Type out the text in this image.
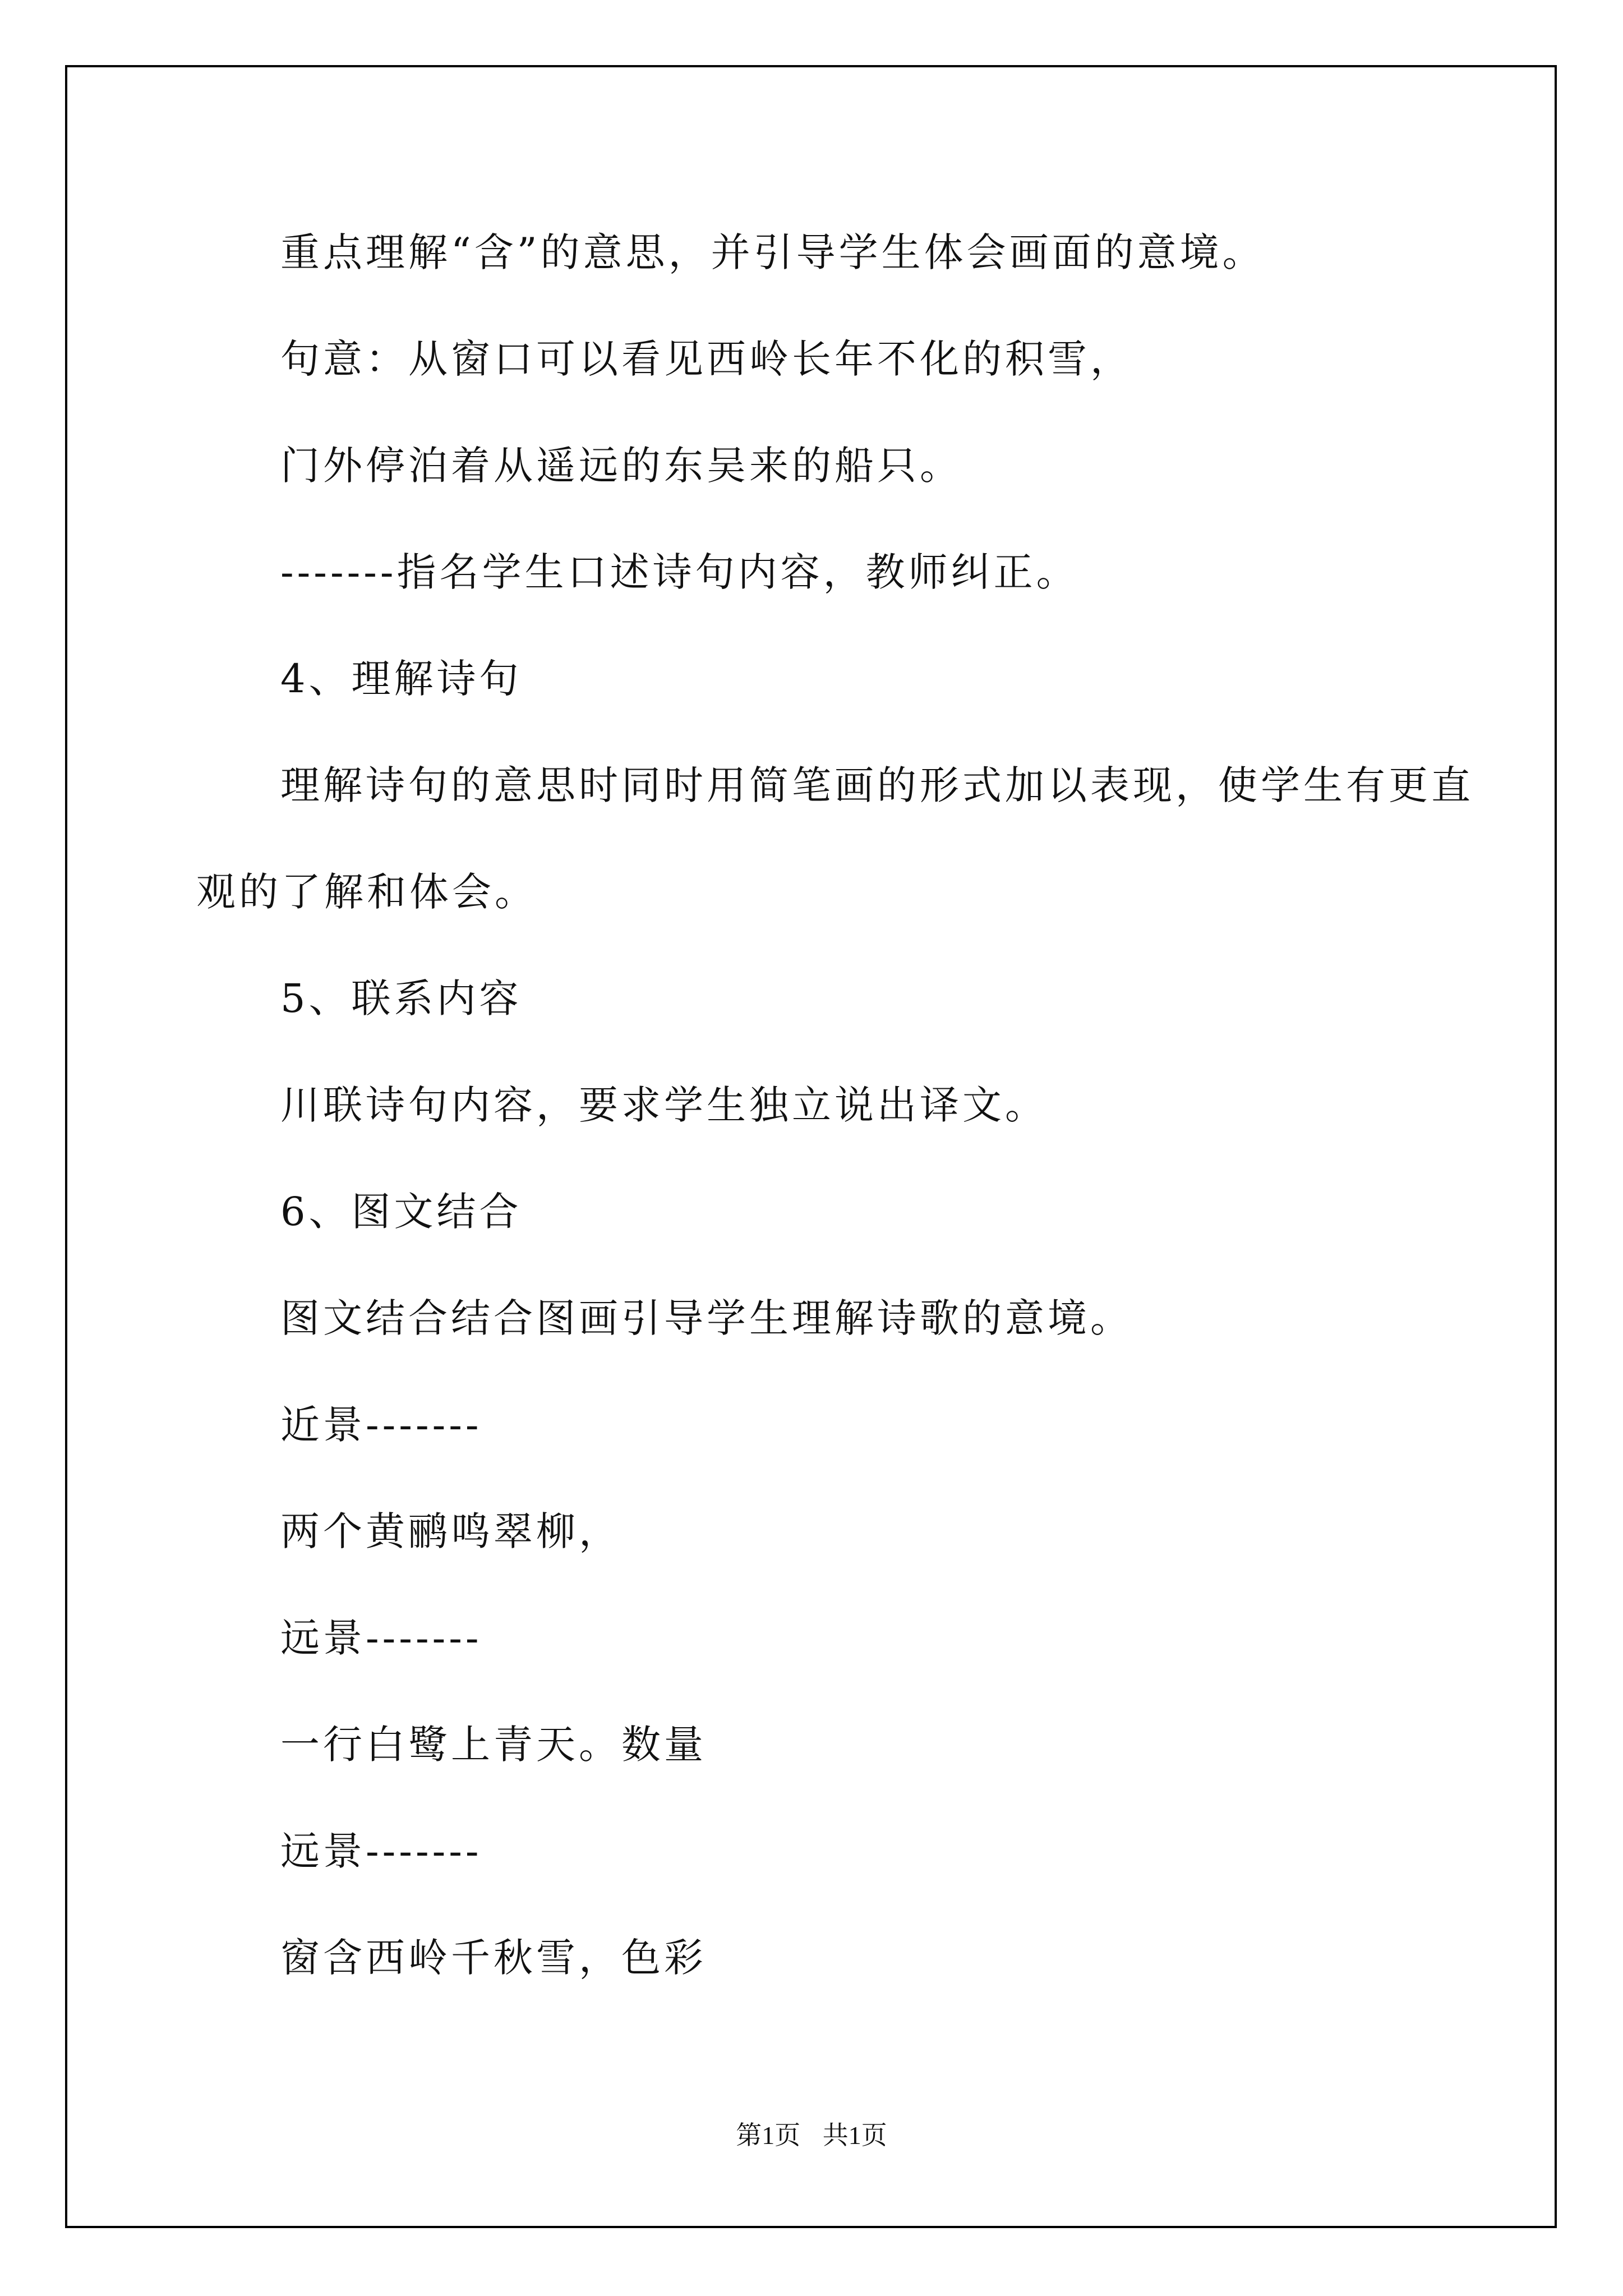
重点理解“含”的意思，并引导学生体会画面的意境。

句意：从窗口可以看见西岭长年不化的积雪，

门外停泊着从遥远的东吴来的船只。

-------指名学生口述诗句内容，教师纠正。

4、理解诗句

理解诗句的意思时同时用简笔画的形式加以表现，使学生有更直

观的了解和体会。

5、联系内容

川联诗句内容，要求学生独立说出译文。

6、图文结合

图文结合结合图画引导学生理解诗歌的意境。

近景-------

两个黄鹂鸣翠柳，

远景-------

一行白鹭上青天。数量

远景-------

窗含西岭千秋雪，色彩

第1页 共1页
